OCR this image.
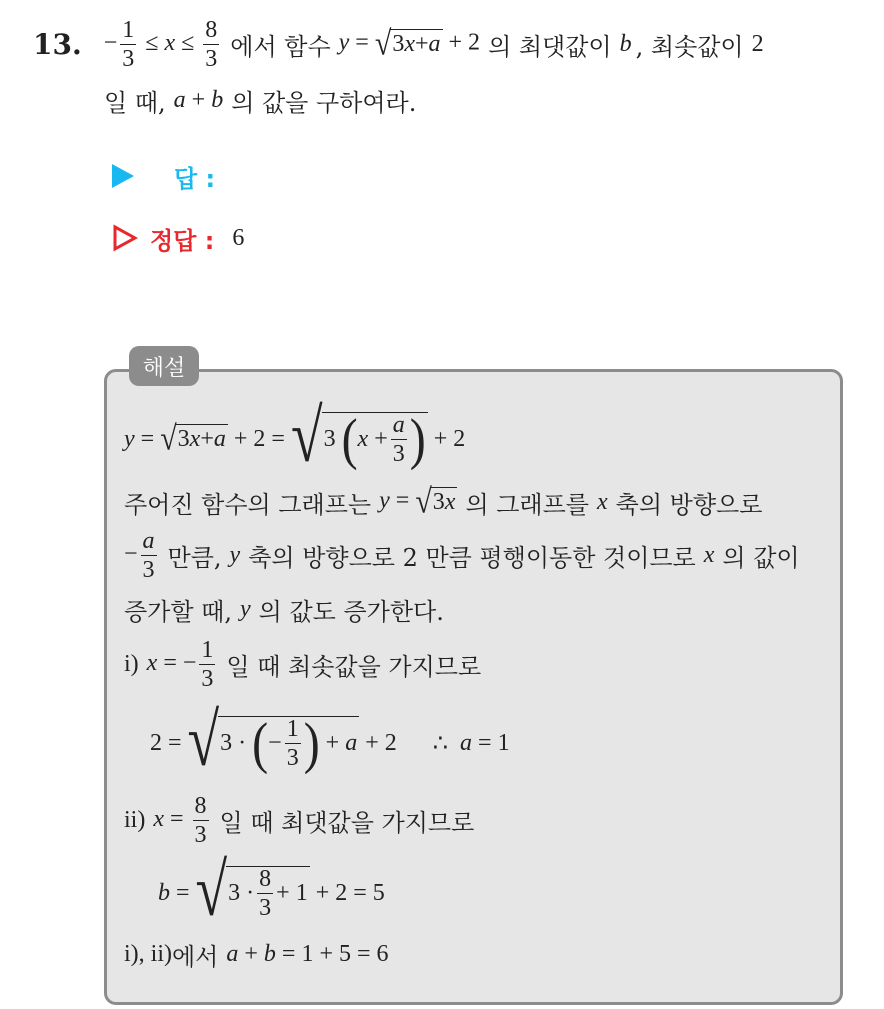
13. − $\frac{1}{3} \le x \le \frac{8}{3}$ 에서 함수 y = √ 3 x + a + 2 의 최댓값이 b , 최솟값이 2
일 때, a + b 의 값을 구하여라.
답 :
정답 : 6
해설
y = √ 3 x + a + 2 = √ 3 ( $x + \frac{a}{3}$ ) + 2
주어진 함수의 그래프는 y = √ 3 x 의 그래프를 x 축의 방향으로
− $\frac{a}{3}$ 만큼, y 축의 방향으로 2 만큼 평행이동한 것이므로 x 의 값이
증가할 때, y 의 값도 증가한다.
i) x = − $\frac{1}{3}$ 일 때 최솟값을 가지므로
2 = √ 3 · ( − $\frac{1}{3}$ ) + a + 2
∴ a = 1
ii) $x = \frac{8}{3}$ 일 때 최댓값을 가지므로
b = √ $3 \cdot \frac{8}{3} + 1 + 2 = 5$
i), ii) 에서 a + b = 1 + 5 = 6
